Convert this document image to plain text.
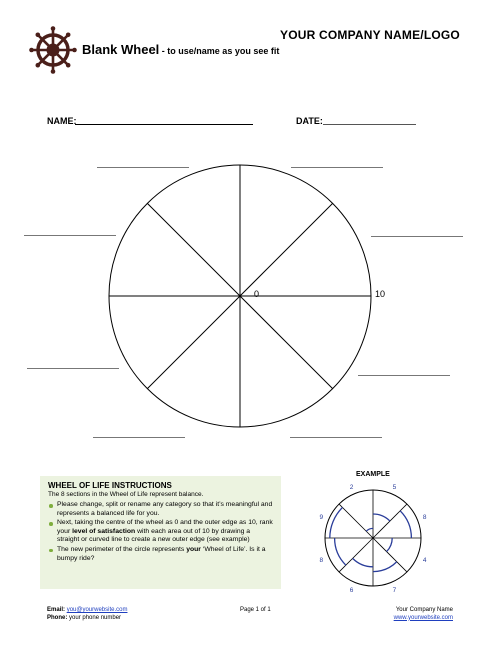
YOUR COMPANY NAME/LOGO
Blank Wheel - to use/name as you see fit
NAME:	DATE:
0	10
WHEEL OF LIFE INSTRUCTIONS
The 8 sections in the Wheel of Life represent balance.
Please change, split or rename any category so that it’s meaningful and represents a balanced life for you.
Next, taking the centre of the wheel as 0 and the outer edge as 10, rank your level of satisfaction with each area out of 10 by drawing a straight or curved line to create a new outer edge (see example)
The new perimeter of the circle represents your ‘Wheel of Life’. Is it a bumpy ride?
EXAMPLE
5
8
4
7
6
8
9
2
Email: you@yourwebsite.com
Phone: your phone number
Page 1 of 1	Your Company Name
www.yourwebsite.com
